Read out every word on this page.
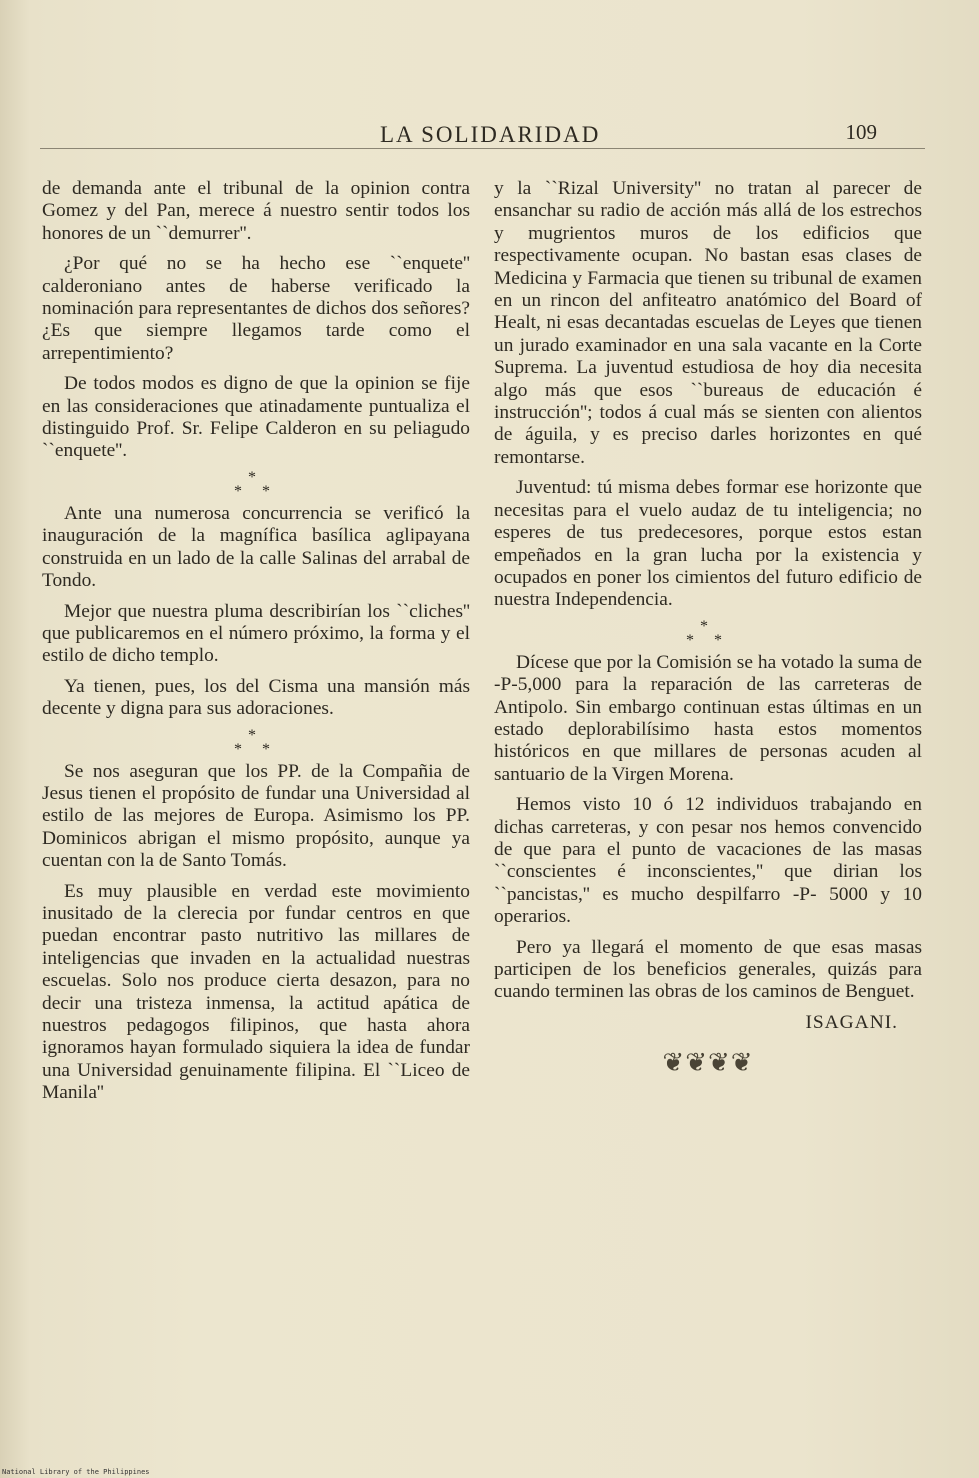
LA SOLIDARIDAD	109

de demanda ante el tribunal de la opinion contra Gomez y del Pan, merece á nuestro sentir todos los honores de un ``demurrer''.

¿Por qué no se ha hecho ese ``enquete'' calderoniano antes de haberse verificado la nominación para representantes de dichos dos señores? ¿Es que siempre llegamos tarde como el arrepentimiento?

De todos modos es digno de que la opinion se fije en las consideraciones que atinadamente puntualiza el distinguido Prof. Sr. Felipe Calderon en su peliagudo ``enquete''.

*
* *

Ante una numerosa concurrencia se verificó la inauguración de la magnífica basílica aglipayana construida en un lado de la calle Salinas del arrabal de Tondo.

Mejor que nuestra pluma describirían los ``cliches'' que publicaremos en el número próximo, la forma y el estilo de dicho templo.

Ya tienen, pues, los del Cisma una mansión más decente y digna para sus adoraciones.

*
* *

Se nos aseguran que los PP. de la Compañia de Jesus tienen el propósito de fundar una Universidad al estilo de las mejores de Europa. Asimismo los PP. Dominicos abrigan el mismo propósito, aunque ya cuentan con la de Santo Tomás.

Es muy plausible en verdad este movimiento inusitado de la clerecia por fundar centros en que puedan encontrar pasto nutritivo las millares de inteligencias que invaden en la actualidad nuestras escuelas. Solo nos produce cierta desazon, para no decir una tristeza inmensa, la actitud apática de nuestros pedagogos filipinos, que hasta ahora ignoramos hayan formulado siquiera la idea de fundar una Universidad genuinamente filipina. El ``Liceo de Manila''

y la ``Rizal University'' no tratan al parecer de ensanchar su radio de acción más allá de los estrechos y mugrientos muros de los edificios que respectivamente ocupan. No bastan esas clases de Medicina y Farmacia que tienen su tribunal de examen en un rincon del anfiteatro anatómico del Board of Healt, ni esas decantadas escuelas de Leyes que tienen un jurado examinador en una sala vacante en la Corte Suprema. La juventud estudiosa de hoy dia necesita algo más que esos ``bureaus de educación é instrucción''; todos á cual más se sienten con alientos de águila, y es preciso darles horizontes en qué remontarse.

Juventud: tú misma debes formar ese horizonte que necesitas para el vuelo audaz de tu inteligencia; no esperes de tus predecesores, porque estos estan empeñados en la gran lucha por la existencia y ocupados en poner los cimientos del futuro edificio de nuestra Independencia.

*
* *

Dícese que por la Comisión se ha votado la suma de -P-5,000 para la reparación de las carreteras de Antipolo. Sin embargo continuan estas últimas en un estado deplorabilísimo hasta estos momentos históricos en que millares de personas acuden al santuario de la Virgen Morena.

Hemos visto 10 ó 12 individuos trabajando en dichas carreteras, y con pesar nos hemos convencido de que para el punto de vacaciones de las masas ``conscientes é inconscientes,'' que dirian los ``pancistas,'' es mucho despilfarro -P- 5000 y 10 operarios.

Pero ya llegará el momento de que esas masas participen de los beneficios generales, quizás para cuando terminen las obras de los caminos de Benguet.

ISAGANI.
❦❦❦❦
National Library of the Philippines
